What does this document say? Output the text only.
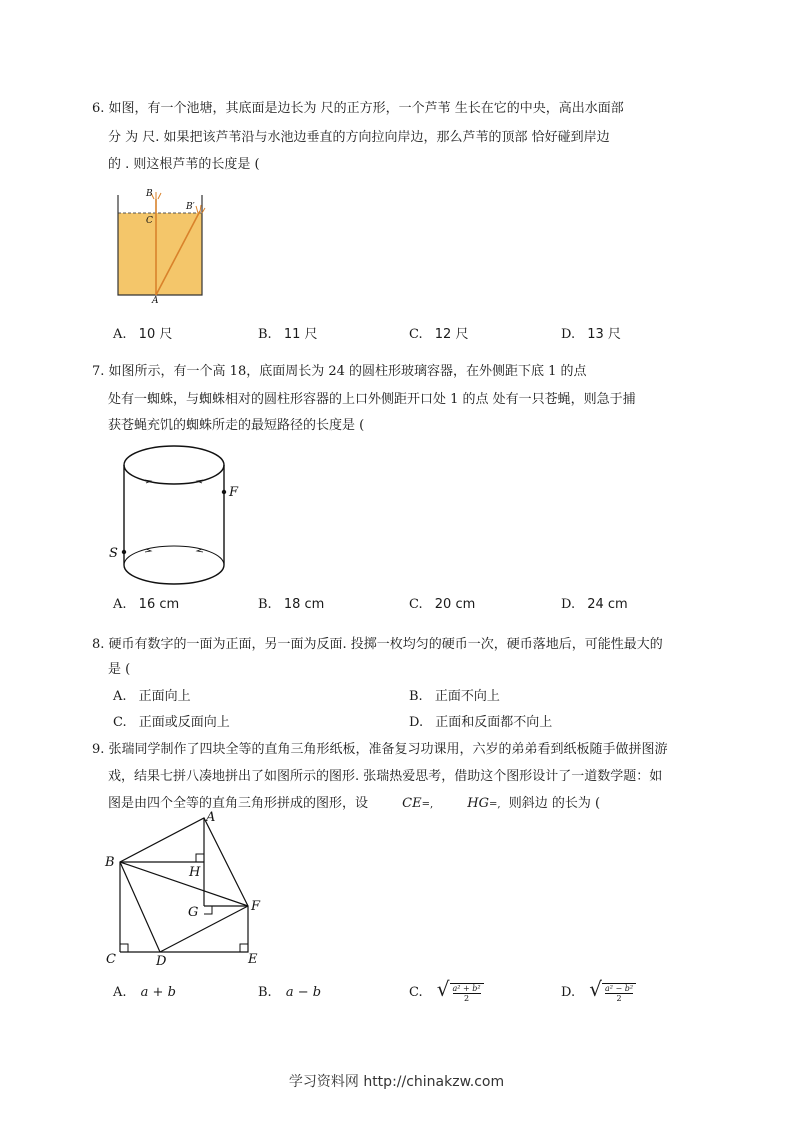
6. 如图，有一个池塘，其底面是边长为 尺的正方形，一个芦苇 生长在它的中央，高出水面部
分 为 尺. 如果把该芦苇沿与水池边垂直的方向拉向岸边，那么芦苇的顶部 恰好碰到岸边
的 . 则这根芦苇的长度是 (
B
C
B′
A
A. 10 尺	B. 11 尺	C. 12 尺	D. 13 尺
7. 如图所示，有一个高 18，底面周长为 24 的圆柱形玻璃容器，在外侧距下底 1 的点
处有一蜘蛛，与蜘蛛相对的圆柱形容器的上口外侧距开口处 1 的点 处有一只苍蝇，则急于捕
获苍蝇充饥的蜘蛛所走的最短路径的长度是 (
F
S
A. 16 cm	B. 18 cm	C. 20 cm	D. 24 cm
8. 硬币有数字的一面为正面，另一面为反面. 投掷一枚均匀的硬币一次，硬币落地后，可能性最大的
是 (
A. 正面向上	B. 正面不向上
C. 正面或反面向上	D. 正面和反面都不向上
9. 张瑞同学制作了四块全等的直角三角形纸板，准备复习功课用，六岁的弟弟看到纸板随手做拼图游
戏，结果七拼八凑地拼出了如图所示的图形. 张瑞热爱思考，借助这个图形设计了一道数学题：如
图是由四个全等的直角三角形拼成的图形，设	CE=,	HG=, 则斜边 的长为 (
A
B
H
G	F
C	D	E
A. a + b	B. a − b	C. √ $\frac{\text{a² + b²}}{2}$	D. √ $\frac{\text{a² − b²}}{2}$
学习资料网 http://chinakzw.com
